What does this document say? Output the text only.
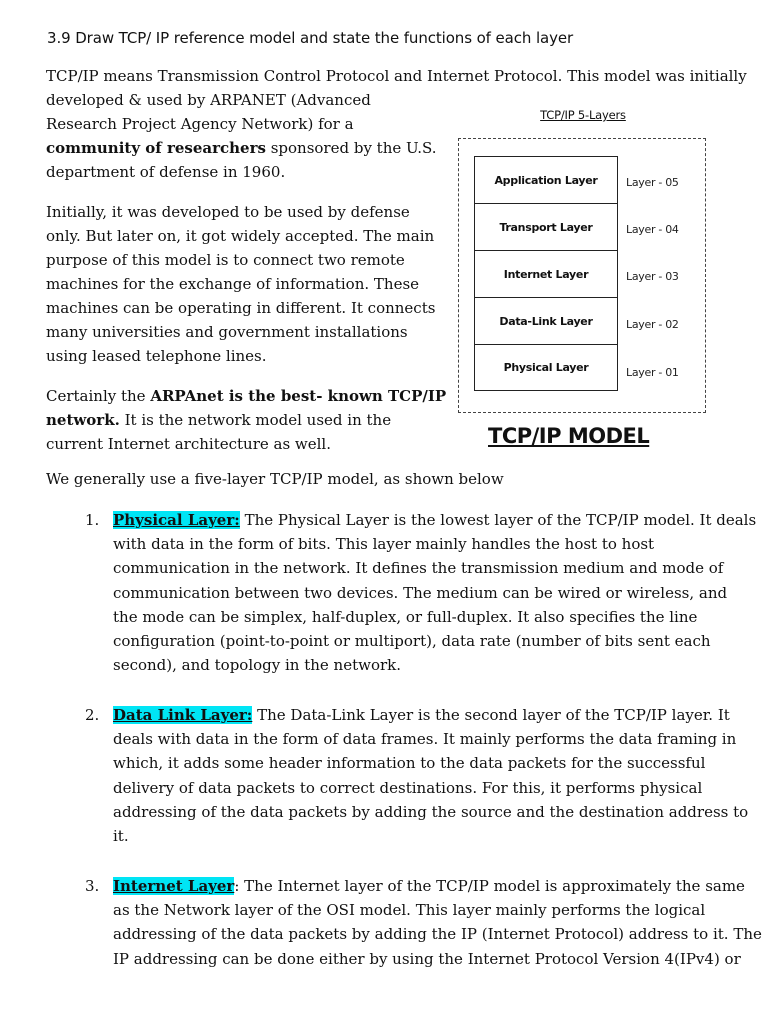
3.9 Draw TCP/ IP reference model and state the functions of each layer

TCP/IP means Transmission Control Protocol and Internet Protocol. This model was initially
developed & used by ARPANET (Advanced
Research Project Agency Network) for a
community of researchers sponsored by the U.S.
department of defense in 1960.

Initially, it was developed to be used by defense
only. But later on, it got widely accepted. The main
purpose of this model is to connect two remote
machines for the exchange of information. These
machines can be operating in different. It connects
many universities and government installations
using leased telephone lines.

Certainly the ARPAnet is the best- known TCP/IP
network. It is the network model used in the
current Internet architecture as well.

TCP/IP 5-Layers
Application Layer
Transport Layer
Internet Layer
Data-Link Layer
Physical Layer
Layer - 05
Layer - 04
Layer - 03
Layer - 02
Layer - 01
TCP/IP MODEL
We generally use a five-layer TCP/IP model, as shown below
1. Physical Layer: The Physical Layer is the lowest layer of the TCP/IP model. It deals
with data in the form of bits. This layer mainly handles the host to host
communication in the network. It defines the transmission medium and mode of
communication between two devices. The medium can be wired or wireless, and
the mode can be simplex, half-duplex, or full-duplex. It also specifies the line
configuration (point-to-point or multiport), data rate (number of bits sent each
second), and topology in the network.
2. Data Link Layer: The Data-Link Layer is the second layer of the TCP/IP layer. It
deals with data in the form of data frames. It mainly performs the data framing in
which, it adds some header information to the data packets for the successful
delivery of data packets to correct destinations. For this, it performs physical
addressing of the data packets by adding the source and the destination address to
it.
3. Internet Layer: The Internet layer of the TCP/IP model is approximately the same
as the Network layer of the OSI model. This layer mainly performs the logical
addressing of the data packets by adding the IP (Internet Protocol) address to it. The
IP addressing can be done either by using the Internet Protocol Version 4(IPv4) or
